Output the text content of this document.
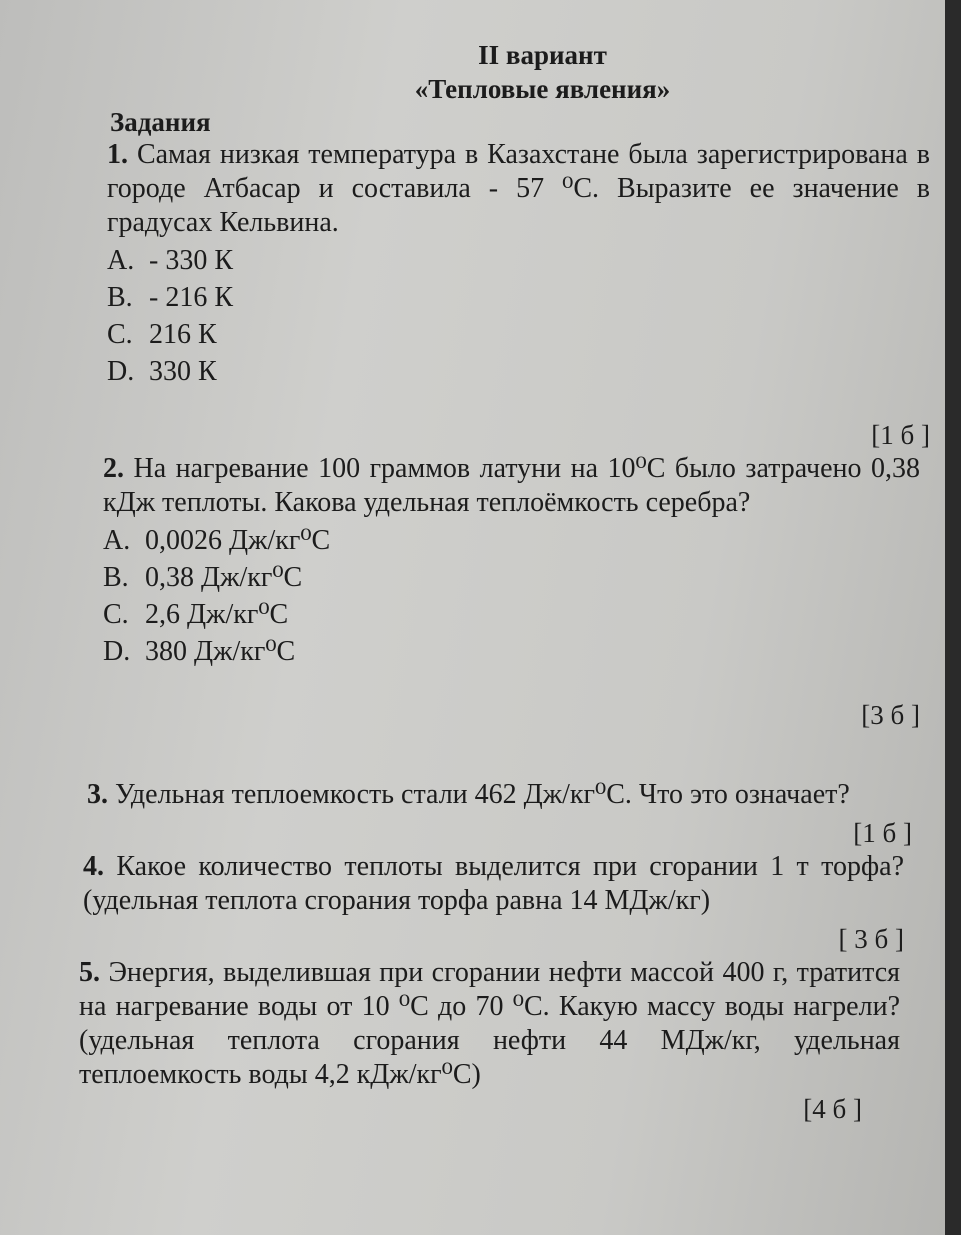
II вариант
«Тепловые явления»
Задания

1. Самая низкая температура в Казахстане была зарегистрирована в городе Атбасар и составила - 57 ⁰С. Выразите ее значение в градусах Кельвина.

A. - 330 К
B. - 216 К
C. 216 К
D. 330 К
[1 б ]

2. На нагревание 100 граммов латуни на 10⁰С было затрачено 0,38 кДж теплоты. Какова удельная теплоёмкость серебра?

A. 0,0026 Дж/кг⁰С
B. 0,38 Дж/кг⁰С
C. 2,6 Дж/кг⁰С
D. 380 Дж/кг⁰С
[3 б ]

3. Удельная теплоемкость стали 462 Дж/кг⁰С. Что это означает?

[1 б ]

4. Какое количество теплоты выделится при сгорании 1 т торфа? (удельная теплота сгорания торфа равна 14 МДж/кг)

[ 3 б ]

5. Энергия, выделившая при сгорании нефти массой 400 г, тратится на нагревание воды от 10 ⁰С до 70 ⁰С. Какую массу воды нагрели? (удельная теплота сгорания нефти 44 МДж/кг, удельная теплоемкость воды 4,2 кДж/кг⁰С)

[4 б ]
